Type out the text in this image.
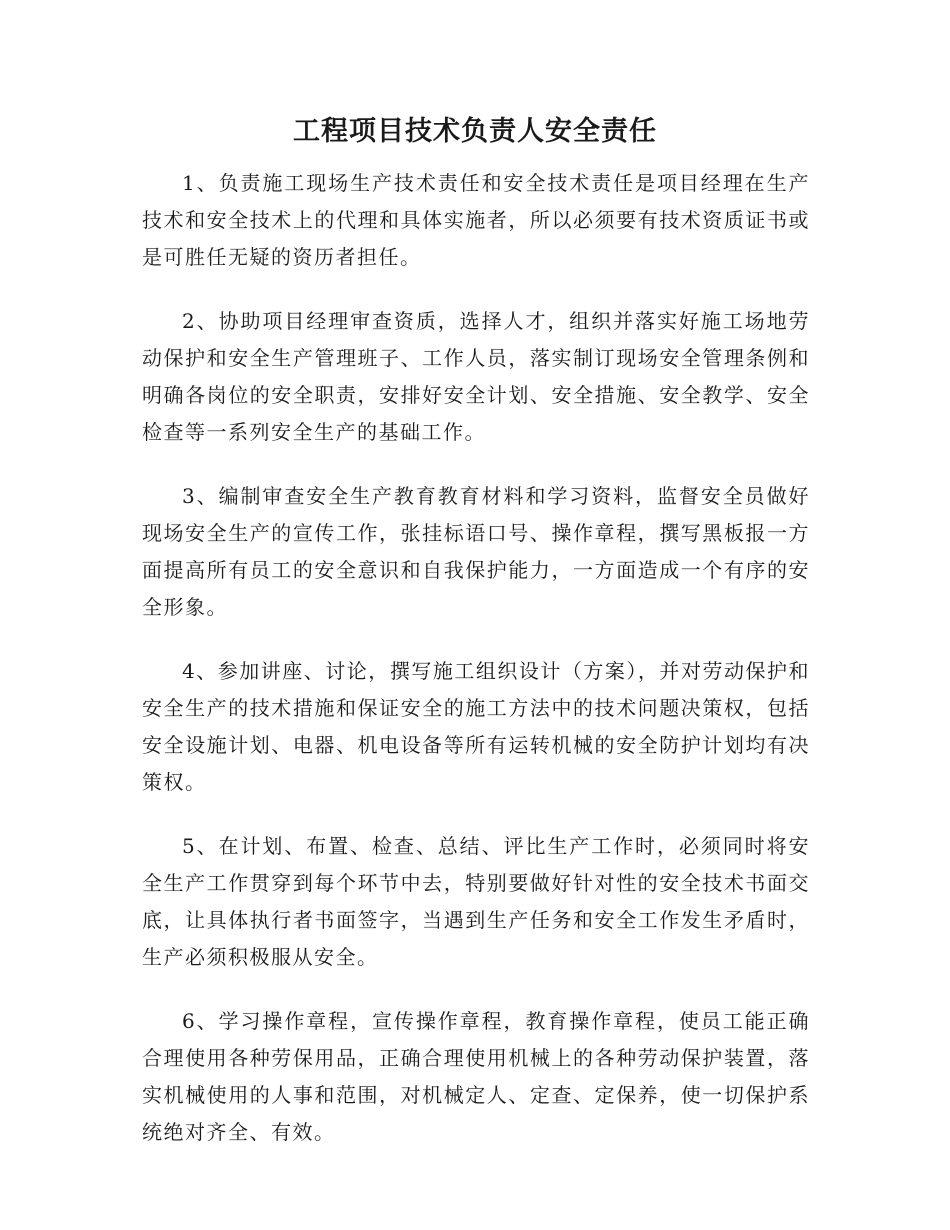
工程项目技术负责人安全责任

1、负责施工现场生产技术责任和安全技术责任是项目经理在生产技术和安全技术上的代理和具体实施者，所以必须要有技术资质证书或是可胜任无疑的资历者担任。

2、协助项目经理审查资质，选择人才，组织并落实好施工场地劳动保护和安全生产管理班子、工作人员，落实制订现场安全管理条例和明确各岗位的安全职责，安排好安全计划、安全措施、安全教学、安全检查等一系列安全生产的基础工作。

3、编制审查安全生产教育教育材料和学习资料，监督安全员做好现场安全生产的宣传工作，张挂标语口号、操作章程，撰写黑板报一方面提高所有员工的安全意识和自我保护能力，一方面造成一个有序的安全形象。

4、参加讲座、讨论，撰写施工组织设计（方案），并对劳动保护和安全生产的技术措施和保证安全的施工方法中的技术问题决策权，包括安全设施计划、电器、机电设备等所有运转机械的安全防护计划均有决策权。

5、在计划、布置、检查、总结、评比生产工作时，必须同时将安全生产工作贯穿到每个环节中去，特别要做好针对性的安全技术书面交底，让具体执行者书面签字，当遇到生产任务和安全工作发生矛盾时，生产必须积极服从安全。

6、学习操作章程，宣传操作章程，教育操作章程，使员工能正确合理使用各种劳保用品，正确合理使用机械上的各种劳动保护装置，落实机械使用的人事和范围，对机械定人、定查、定保养，使一切保护系统绝对齐全、有效。
